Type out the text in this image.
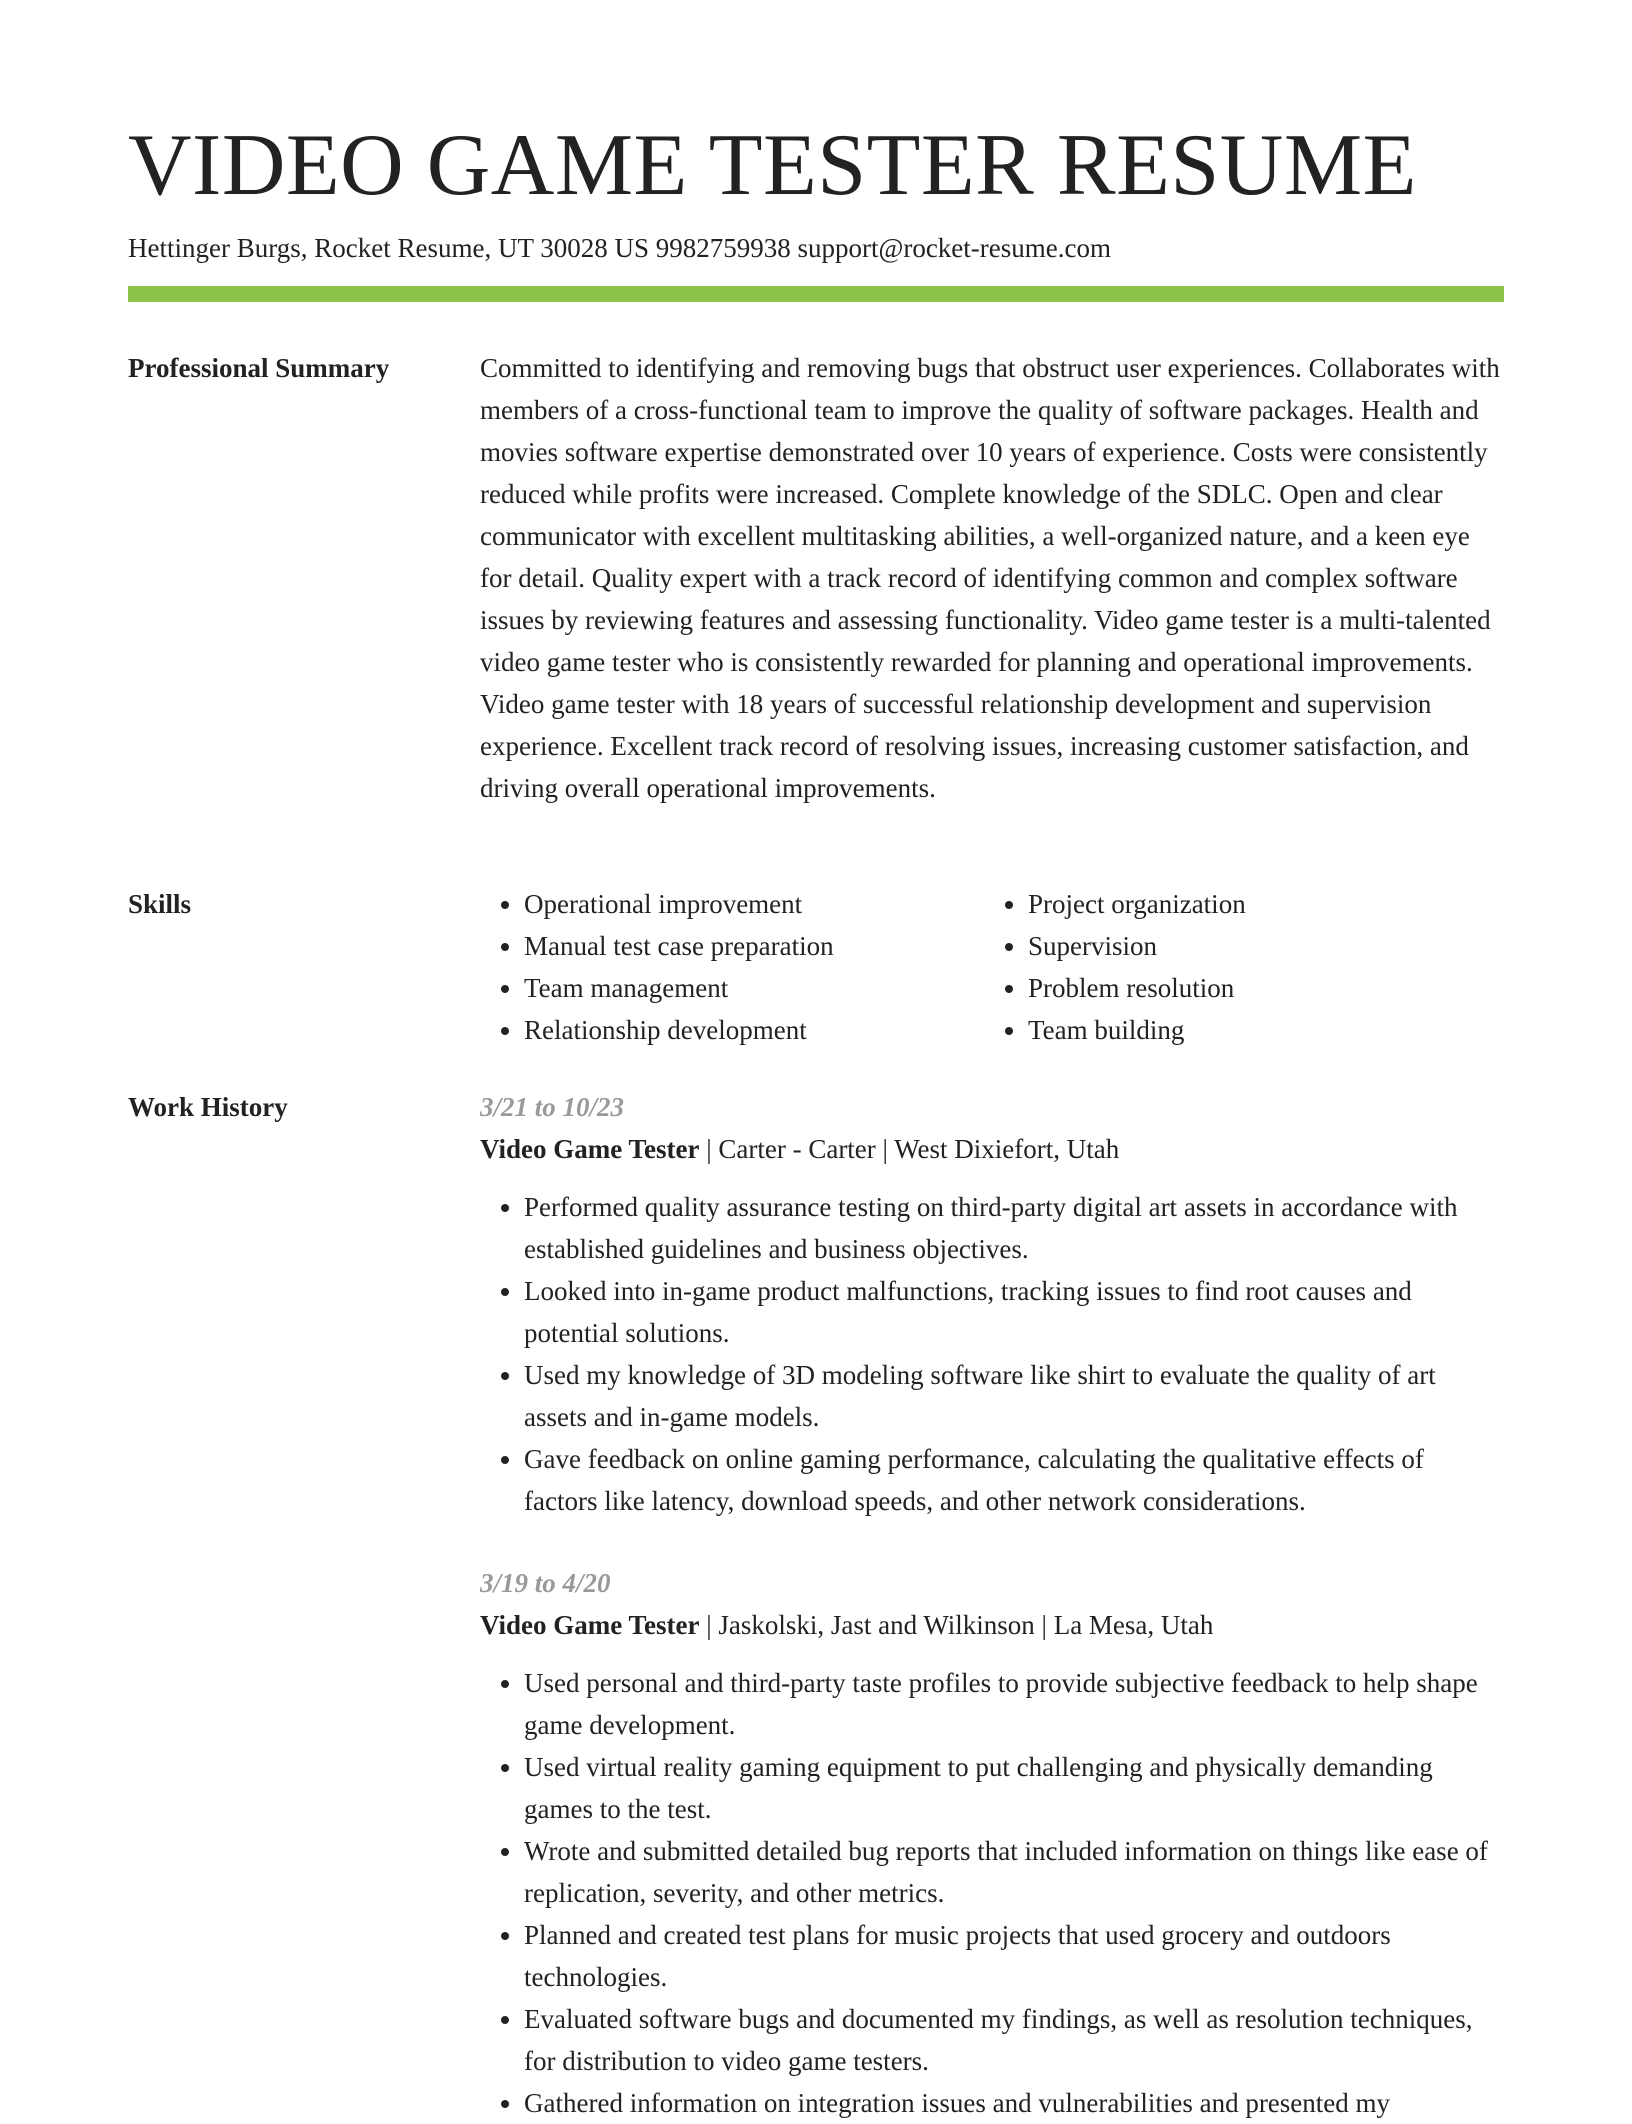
VIDEO GAME TESTER RESUME
Hettinger Burgs, Rocket Resume, UT 30028 US 9982759938 support@rocket-resume.com
Professional Summary	Committed to identifying and removing bugs that obstruct user experiences. Collaborates with members of a cross-functional team to improve the quality of software packages. Health and movies software expertise demonstrated over 10 years of experience. Costs were consistently reduced while profits were increased. Complete knowledge of the SDLC. Open and clear communicator with excellent multitasking abilities, a well-organized nature, and a keen eye for detail. Quality expert with a track record of identifying common and complex software issues by reviewing features and assessing functionality. Video game tester is a multi-talented video game tester who is consistently rewarded for planning and operational improvements. Video game tester with 18 years of successful relationship development and supervision experience. Excellent track record of resolving issues, increasing customer satisfaction, and driving overall operational improvements.

Skills
•	Operational improvement
• Manual test case preparation
• Team management
• Relationship development
• Project organization
• Supervision
• Problem resolution
• Team building
Work History	3/21 to 10/23
Video Game Tester | Carter - Carter | West Dixiefort, Utah
• Performed quality assurance testing on third-party digital art assets in accordance with established guidelines and business objectives.
• Looked into in-game product malfunctions, tracking issues to find root causes and potential solutions.
• Used my knowledge of 3D modeling software like shirt to evaluate the quality of art assets and in-game models.
• Gave feedback on online gaming performance, calculating the qualitative effects of factors like latency, download speeds, and other network considerations.
3/19 to 4/20
Video Game Tester | Jaskolski, Jast and Wilkinson | La Mesa, Utah
• Used personal and third-party taste profiles to provide subjective feedback to help shape game development.
• Used virtual reality gaming equipment to put challenging and physically demanding games to the test.
• Wrote and submitted detailed bug reports that included information on things like ease of replication, severity, and other metrics.
• Planned and created test plans for music projects that used grocery and outdoors technologies.
• Evaluated software bugs and documented my findings, as well as resolution techniques, for distribution to video game testers.
• Gathered information on integration issues and vulnerabilities and presented my
